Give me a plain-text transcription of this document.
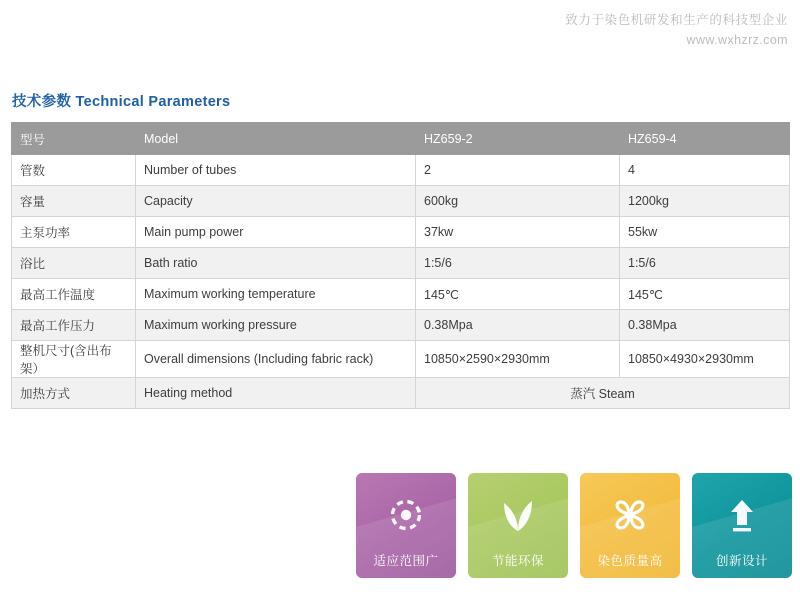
致力于染色机研发和生产的科技型企业
www.wxhzrz.com
技术参数 Technical Parameters
型号	Model	HZ659-2	HZ659-4
管数	Number of tubes	2	4
容量	Capacity	600kg	1200kg
主泵功率	Main pump power	37kw	55kw
浴比	Bath ratio	1:5/6	1:5/6
最高工作温度	Maximum working temperature	145℃	145℃
最高工作压力	Maximum working pressure	0.38Mpa	0.38Mpa
整机尺寸(含出布架）	Overall dimensions (Including fabric rack)	10850×2590×2930mm	10850×4930×2930mm
加热方式	Heating method	蒸汽 Steam	
适应范围广	节能环保	染色质量高	创新设计
